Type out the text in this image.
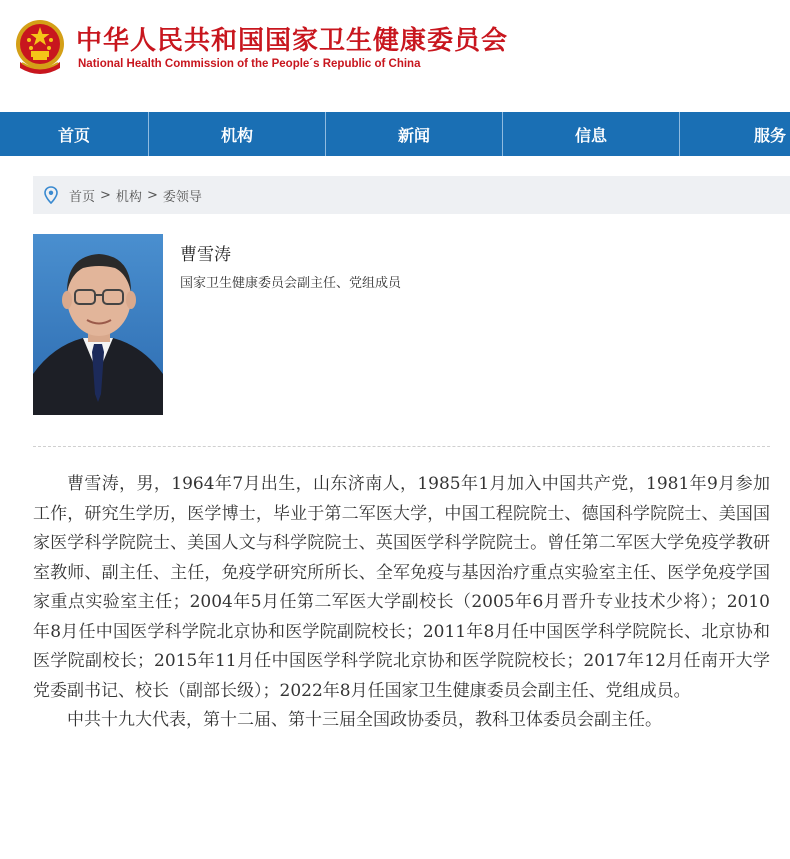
中华人民共和国国家卫生健康委员会
National Health Commission of the People´s Republic of China
首页	机构	新闻	信息	服务
首页 > 机构 > 委领导
曹雪涛
国家卫生健康委员会副主任、党组成员

曹雪涛，男，1964年7月出生，山东济南人，1985年1月加入中国共产党，1981年9月参加工作，研究生学历，医学博士，毕业于第二军医大学，中国工程院院士、德国科学院院士、美国国家医学科学院院士、美国人文与科学院院士、英国医学科学院院士。曾任第二军医大学免疫学教研室教师、副主任、主任，免疫学研究所所长、全军免疫与基因治疗重点实验室主任、医学免疫学国家重点实验室主任；2004年5月任第二军医大学副校长（2005年6月晋升专业技术少将）；2010年8月任中国医学科学院北京协和医学院副院校长；2011年8月任中国医学科学院院长、北京协和医学院副校长；2015年11月任中国医学科学院北京协和医学院院校长；2017年12月任南开大学党委副书记、校长（副部长级）；2022年8月任国家卫生健康委员会副主任、党组成员。

中共十九大代表，第十二届、第十三届全国政协委员，教科卫体委员会副主任。
